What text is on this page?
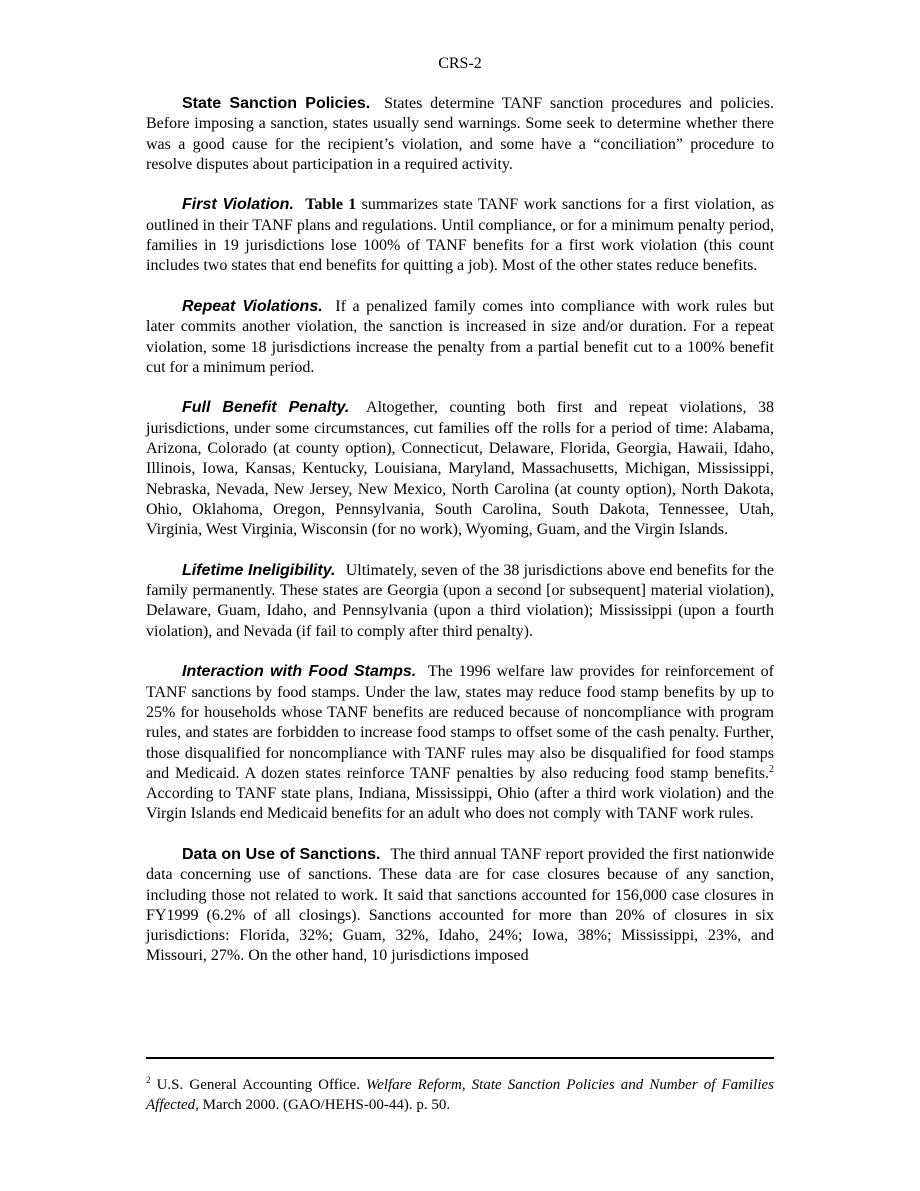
CRS-2

State Sanction Policies. States determine TANF sanction procedures and policies. Before imposing a sanction, states usually send warnings. Some seek to determine whether there was a good cause for the recipient’s violation, and some have a “conciliation” procedure to resolve disputes about participation in a required activity.

First Violation. Table 1 summarizes state TANF work sanctions for a first violation, as outlined in their TANF plans and regulations. Until compliance, or for a minimum penalty period, families in 19 jurisdictions lose 100% of TANF benefits for a first work violation (this count includes two states that end benefits for quitting a job). Most of the other states reduce benefits.

Repeat Violations. If a penalized family comes into compliance with work rules but later commits another violation, the sanction is increased in size and/or duration. For a repeat violation, some 18 jurisdictions increase the penalty from a partial benefit cut to a 100% benefit cut for a minimum period.

Full Benefit Penalty. Altogether, counting both first and repeat violations, 38 jurisdictions, under some circumstances, cut families off the rolls for a period of time: Alabama, Arizona, Colorado (at county option), Connecticut, Delaware, Florida, Georgia, Hawaii, Idaho, Illinois, Iowa, Kansas, Kentucky, Louisiana, Maryland, Massachusetts, Michigan, Mississippi, Nebraska, Nevada, New Jersey, New Mexico, North Carolina (at county option), North Dakota, Ohio, Oklahoma, Oregon, Pennsylvania, South Carolina, South Dakota, Tennessee, Utah, Virginia, West Virginia, Wisconsin (for no work), Wyoming, Guam, and the Virgin Islands.

Lifetime Ineligibility. Ultimately, seven of the 38 jurisdictions above end benefits for the family permanently. These states are Georgia (upon a second [or subsequent] material violation), Delaware, Guam, Idaho, and Pennsylvania (upon a third violation); Mississippi (upon a fourth violation), and Nevada (if fail to comply after third penalty).

Interaction with Food Stamps. The 1996 welfare law provides for reinforcement of TANF sanctions by food stamps. Under the law, states may reduce food stamp benefits by up to 25% for households whose TANF benefits are reduced because of noncompliance with program rules, and states are forbidden to increase food stamps to offset some of the cash penalty. Further, those disqualified for noncompliance with TANF rules may also be disqualified for food stamps and Medicaid. A dozen states reinforce TANF penalties by also reducing food stamp benefits.$^2$ According to TANF state plans, Indiana, Mississippi, Ohio (after a third work violation) and the Virgin Islands end Medicaid benefits for an adult who does not comply with TANF work rules.

Data on Use of Sanctions. The third annual TANF report provided the first nationwide data concerning use of sanctions. These data are for case closures because of any sanction, including those not related to work. It said that sanctions accounted for 156,000 case closures in FY1999 (6.2% of all closings). Sanctions accounted for more than 20% of closures in six jurisdictions: Florida, 32%; Guam, 32%, Idaho, 24%; Iowa, 38%; Mississippi, 23%, and Missouri, 27%. On the other hand, 10 jurisdictions imposed

$^2$ U.S. General Accounting Office. Welfare Reform, State Sanction Policies and Number of Families Affected, March 2000. (GAO/HEHS-00-44). p. 50.
